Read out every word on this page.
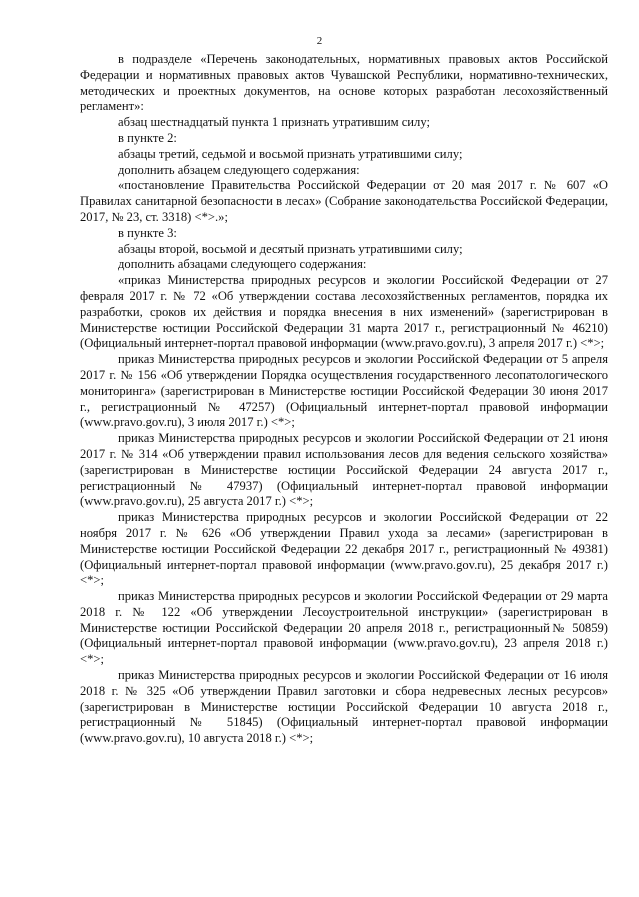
2

в подразделе «Перечень законодательных, нормативных правовых актов Российской Федерации и нормативных правовых актов Чувашской Республики, нормативно-технических, методических и проектных документов, на основе которых разработан лесохозяйственный регламент»:

абзац шестнадцатый пункта 1 признать утратившим силу;

в пункте 2:

абзацы третий, седьмой и восьмой признать утратившими силу;

дополнить абзацем следующего содержания:

«постановление Правительства Российской Федерации от 20 мая 2017 г. № 607 «О Правилах санитарной безопасности в лесах» (Собрание законодательства Российской Федерации, 2017, № 23, ст. 3318) <*>.»;

в пункте 3:

абзацы второй, восьмой и десятый признать утратившими силу;

дополнить абзацами следующего содержания:

«приказ Министерства природных ресурсов и экологии Российской Федерации от 27 февраля 2017 г. № 72 «Об утверждении состава лесохозяйственных регламентов, порядка их разработки, сроков их действия и порядка внесения в них изменений» (зарегистрирован в Министерстве юстиции Российской Федерации 31 марта 2017 г., регистрационный № 46210) (Официальный интернет-портал правовой информации (www.pravo.gov.ru), 3 апреля 2017 г.) <*>;

приказ Министерства природных ресурсов и экологии Российской Федерации от 5 апреля 2017 г. № 156 «Об утверждении Порядка осуществления государственного лесопатологического мониторинга» (зарегистрирован в Министерстве юстиции Российской Федерации 30 июня 2017 г., регистрационный № 47257) (Официальный интернет-портал правовой информации (www.pravo.gov.ru), 3 июля 2017 г.) <*>;

приказ Министерства природных ресурсов и экологии Российской Федерации от 21 июня 2017 г. № 314 «Об утверждении правил использования лесов для ведения сельского хозяйства» (зарегистрирован в Министерстве юстиции Российской Федерации 24 августа 2017 г., регистрационный № 47937) (Официальный интернет-портал правовой информации (www.pravo.gov.ru), 25 августа 2017 г.) <*>;

приказ Министерства природных ресурсов и экологии Российской Федерации от 22 ноября 2017 г. № 626 «Об утверждении Правил ухода за лесами» (зарегистрирован в Министерстве юстиции Российской Федерации 22 декабря 2017 г., регистрационный № 49381) (Официальный интернет-портал правовой информации (www.pravo.gov.ru), 25 декабря 2017 г.) <*>;

приказ Министерства природных ресурсов и экологии Российской Федерации от 29 марта 2018 г. № 122 «Об утверждении Лесоустроительной инструкции» (зарегистрирован в Министерстве юстиции Российской Федерации 20 апреля 2018 г., регистрационный№ 50859) (Официальный интернет-портал правовой информации (www.pravo.gov.ru), 23 апреля 2018 г.) <*>;

приказ Министерства природных ресурсов и экологии Российской Федерации от 16 июля 2018 г. № 325 «Об утверждении Правил заготовки и сбора недревесных лесных ресурсов» (зарегистрирован в Министерстве юстиции Российской Федерации 10 августа 2018 г., регистрационный № 51845) (Официальный интернет-портал правовой информации (www.pravo.gov.ru), 10 августа 2018 г.) <*>;
